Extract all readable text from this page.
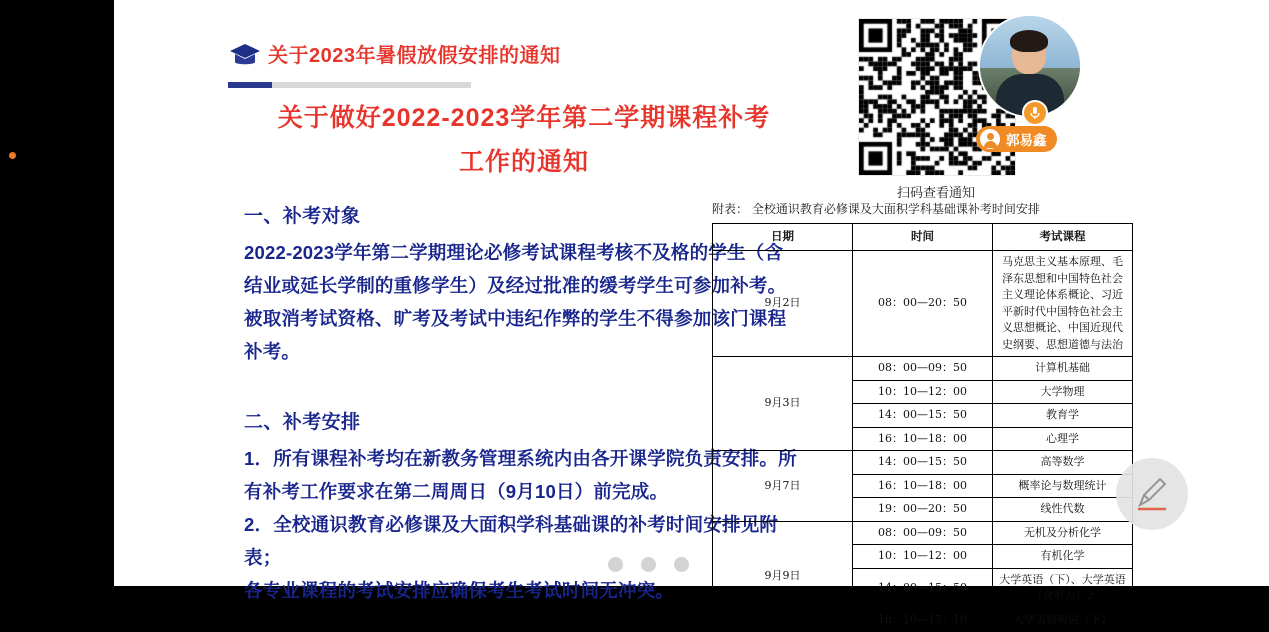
关于2023年暑假放假安排的通知
关于做好2022-2023学年第二学期课程补考
工作的通知
一、补考对象
2022-2023学年第二学期理论必修考试课程考核不及格的学生（含
结业或延长学制的重修学生）及经过批准的缓考学生可参加补考。
被取消考试资格、旷考及考试中违纪作弊的学生不得参加该门课程
补考。
二、补考安排
1．所有课程补考均在新教务管理系统内由各开课学院负责安排。所
有补考工作要求在第二周周日（9月10日）前完成。
2．全校通识教育必修课及大面积学科基础课的补考时间安排见附表；
各专业课程的考试安排应确保考生考试时间无冲突。
扫码查看通知
郭易鑫
附表： 全校通识教育必修课及大面积学科基础课补考时间安排
日期	时间	考试课程
9月2日	08：00—20：50	马克思主义基本原理、毛泽东思想和中国特色社会主义理论体系概论、习近平新时代中国特色社会主义思想概论、中国近现代史纲要、思想道德与法治
9月3日	08：00—09：50	计算机基础
	10：10—12：00	大学物理
	14：00—15：50	教育学
	16：10—18：00	心理学
9月7日	14：00—15：50	高等数学
	16：10—18：00	概率论与数理统计
	19：00—20：50	线性代数
9月9日	08：00—09：50	无机及分析化学
	10：10—12：00	有机化学
	14：00—15：50	大学英语（下）、大学英语（含听力）2
	16：10—17：10	大学英语听说（下）
